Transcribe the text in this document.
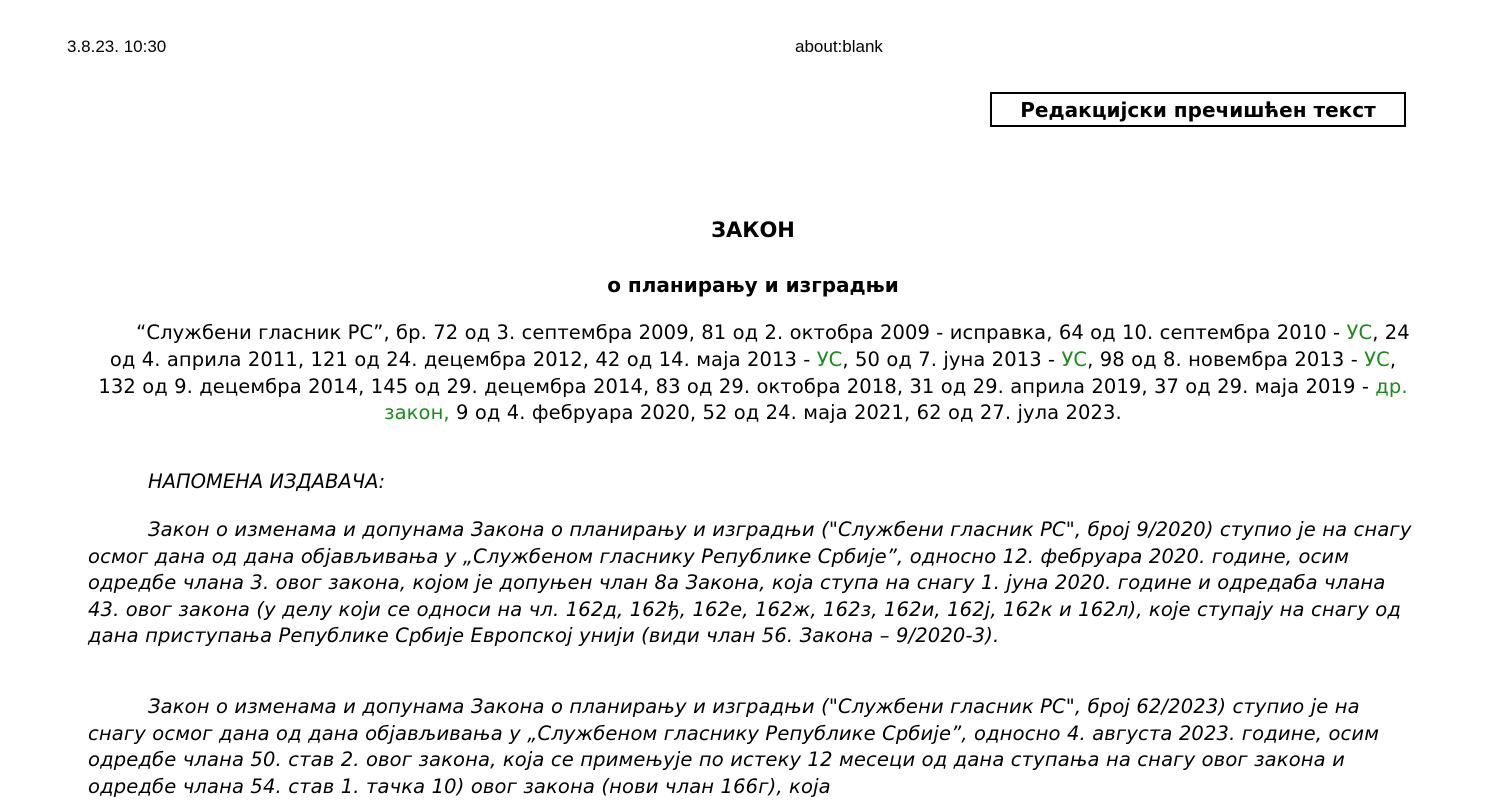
3.8.23. 10:30	about:blank
Редакцијски пречишћен текст
ЗАКОН
о планирању и изградњи
“Службени гласник РС”, бр. 72 од 3. септембра 2009, 81 од 2. октобра 2009 - исправка, 64 од 10. септембра 2010 - УС, 24 од 4. априла 2011, 121 од 24. децембра 2012, 42 од 14. маја 2013 - УС, 50 од 7. јуна 2013 - УС, 98 од 8. новембра 2013 - УС, 132 од 9. децембра 2014, 145 од 29. децембра 2014, 83 од 29. октобра 2018, 31 од 29. априла 2019, 37 од 29. маја 2019 - др. закон, 9 од 4. фебруара 2020, 52 од 24. маја 2021, 62 од 27. јула 2023.
НАПОМЕНА ИЗДАВАЧА:
Закон о изменама и допунама Закона о планирању и изградњи ("Службени гласник РС", број 9/2020) ступио је на снагу осмог дана од дана објављивања у „Службеном гласнику Републике Србије”, односно 12. фебруара 2020. године, осим одредбе члана 3. овог закона, којом је допуњен члан 8а Закона, која ступа на снагу 1. јуна 2020. године и одредаба члана 43. овог закона (у делу који се односи на чл. 162д, 162ђ, 162е, 162ж, 162з, 162и, 162ј, 162к и 162л), које ступају на снагу од дана приступања Републике Србије Европској унији (види члан 56. Закона – 9/2020-3).
Закон о изменама и допунама Закона о планирању и изградњи ("Службени гласник РС", број 62/2023) ступио је на снагу осмог дана од дана објављивања у „Службеном гласнику Републике Србије”, односно 4. августа 2023. године, осим одредбе члана 50. став 2. овог закона, која се примењује по истеку 12 месеци од дана ступања на снагу овог закона и одредбе члана 54. став 1. тачка 10) овог закона (нови члан 166г), која
